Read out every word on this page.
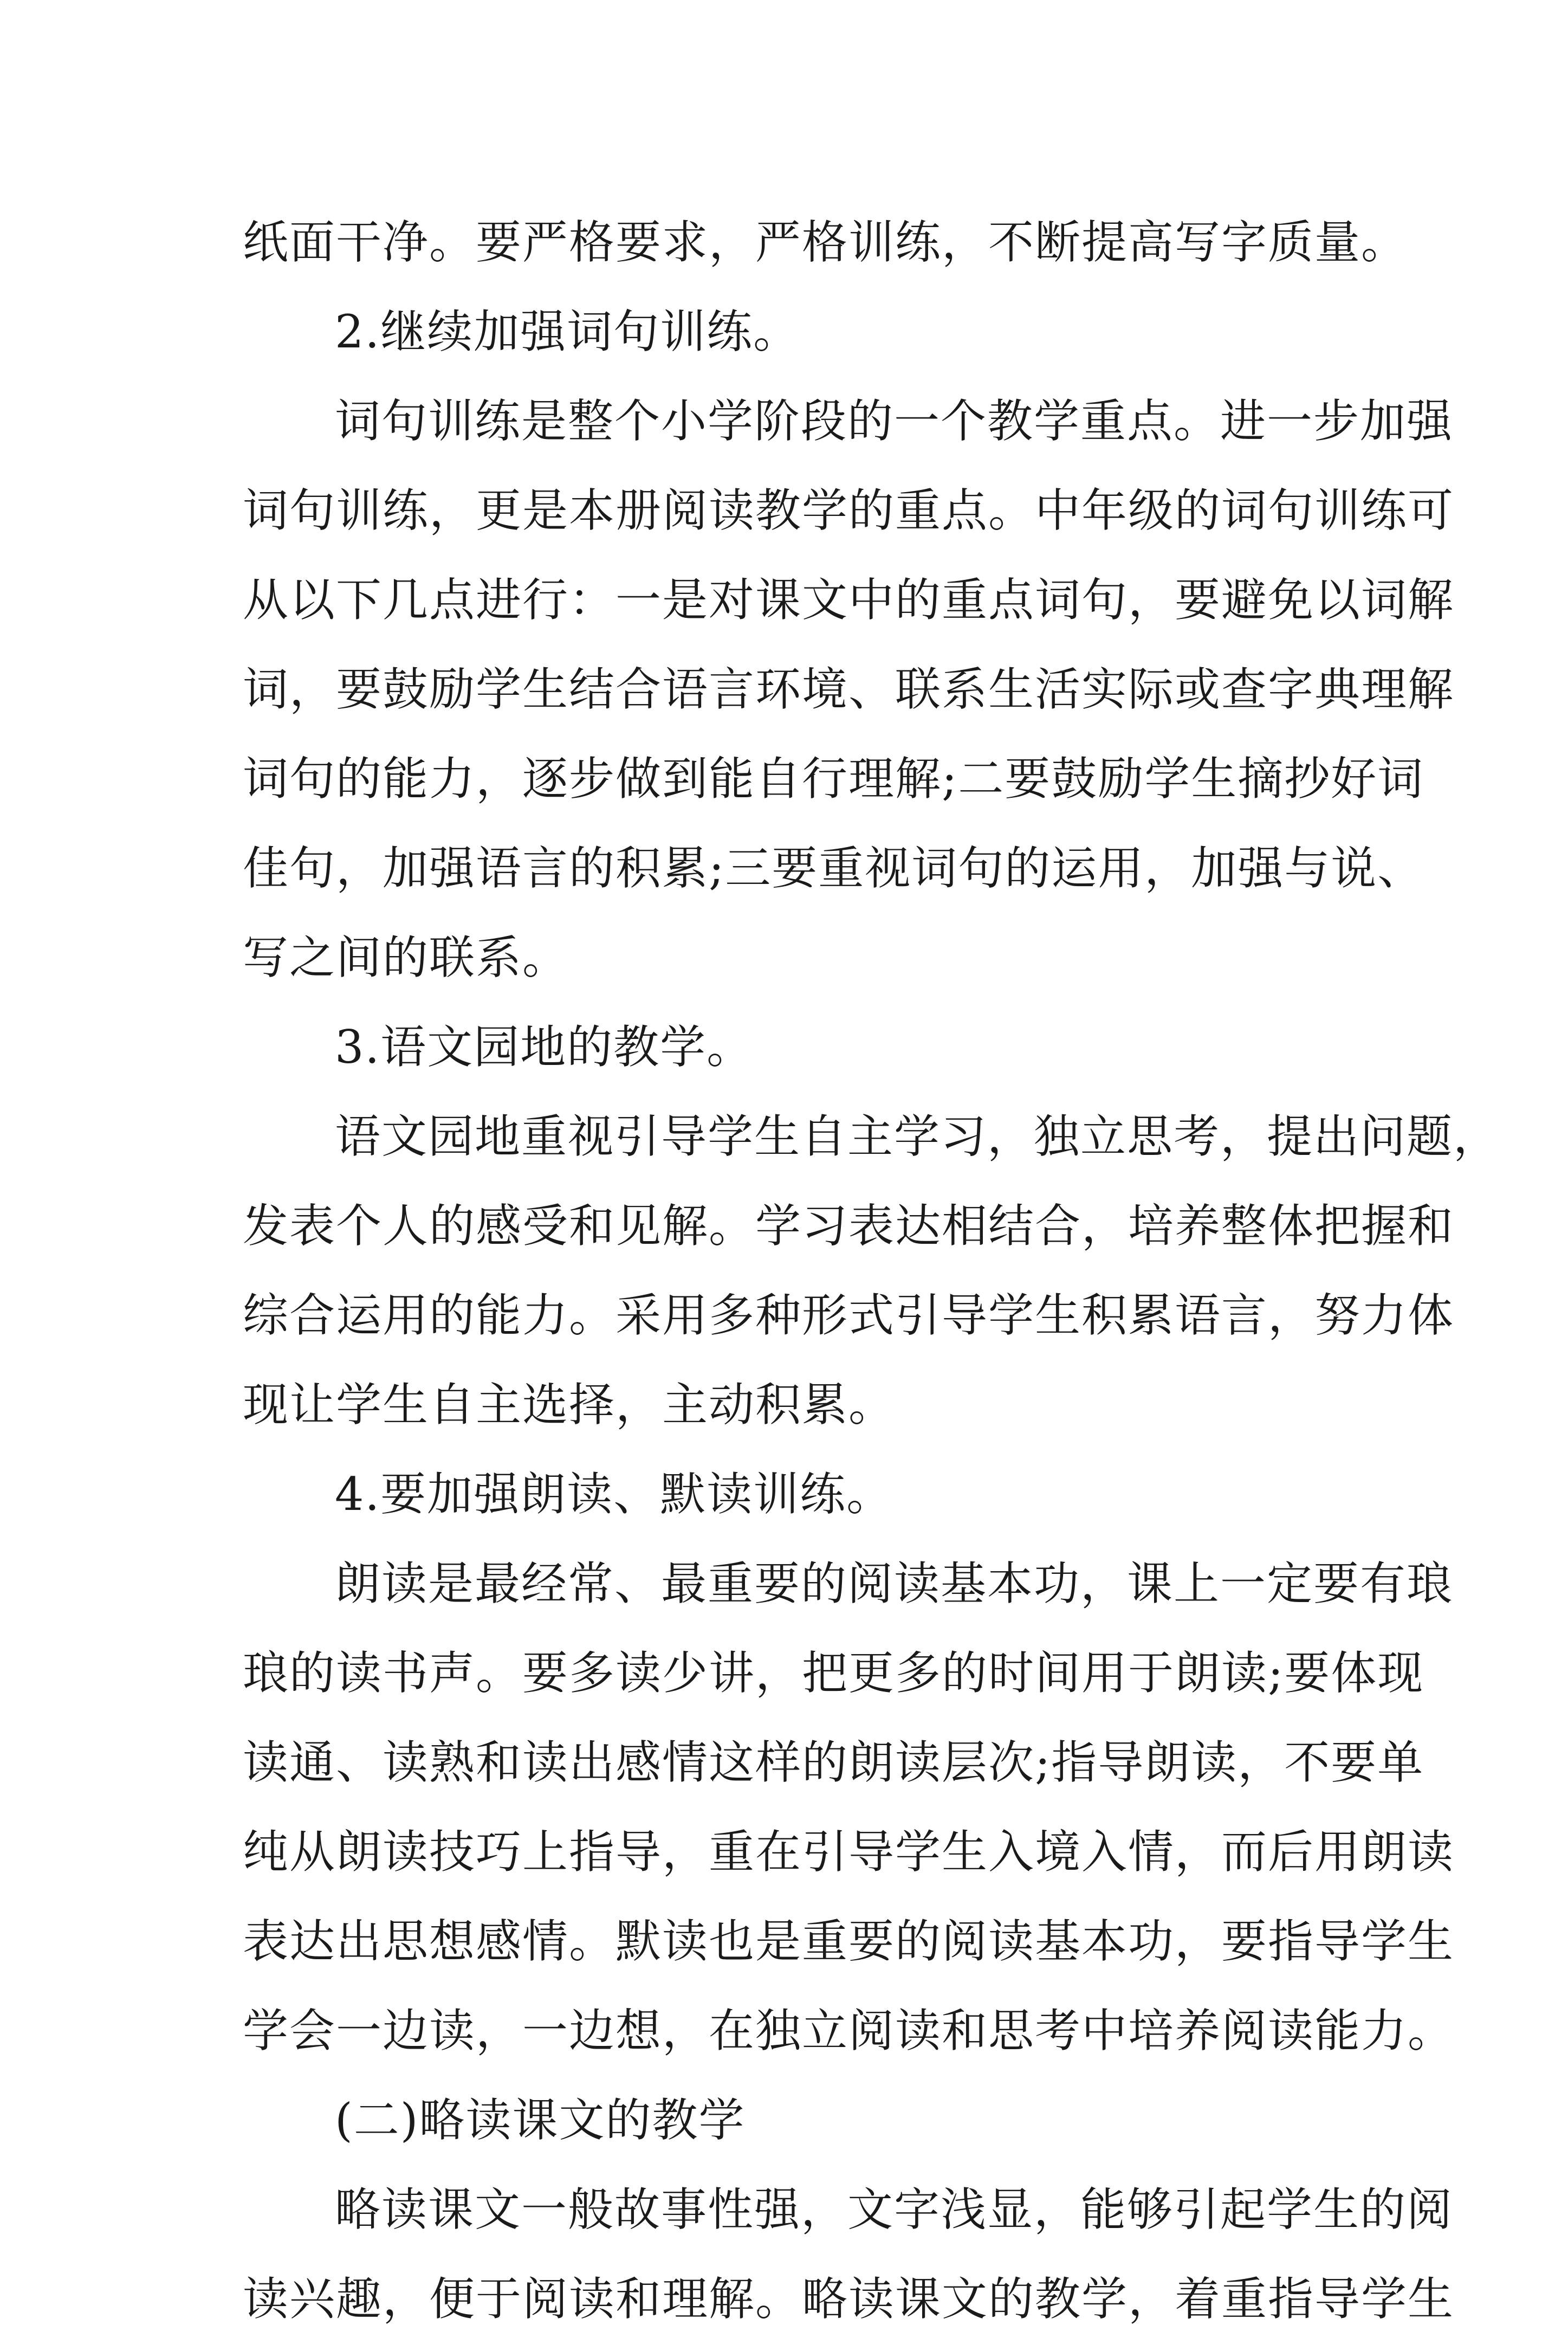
纸面干净。要严格要求，严格训练，不断提高写字质量。
2.继续加强词句训练。
词句训练是整个小学阶段的一个教学重点。进一步加强
词句训练，更是本册阅读教学的重点。中年级的词句训练可
从以下几点进行：一是对课文中的重点词句，要避免以词解
词，要鼓励学生结合语言环境、联系生活实际或查字典理解
词句的能力，逐步做到能自行理解;二要鼓励学生摘抄好词
佳句，加强语言的积累;三要重视词句的运用，加强与说、
写之间的联系。
3.语文园地的教学。
语文园地重视引导学生自主学习，独立思考，提出问题，
发表个人的感受和见解。学习表达相结合，培养整体把握和
综合运用的能力。采用多种形式引导学生积累语言，努力体
现让学生自主选择，主动积累。
4.要加强朗读、默读训练。
朗读是最经常、最重要的阅读基本功，课上一定要有琅
琅的读书声。要多读少讲，把更多的时间用于朗读;要体现
读通、读熟和读出感情这样的朗读层次;指导朗读，不要单
纯从朗读技巧上指导，重在引导学生入境入情，而后用朗读
表达出思想感情。默读也是重要的阅读基本功，要指导学生
学会一边读，一边想，在独立阅读和思考中培养阅读能力。
(二)略读课文的教学
略读课文一般故事性强，文字浅显，能够引起学生的阅
读兴趣，便于阅读和理解。略读课文的教学，着重指导学生
